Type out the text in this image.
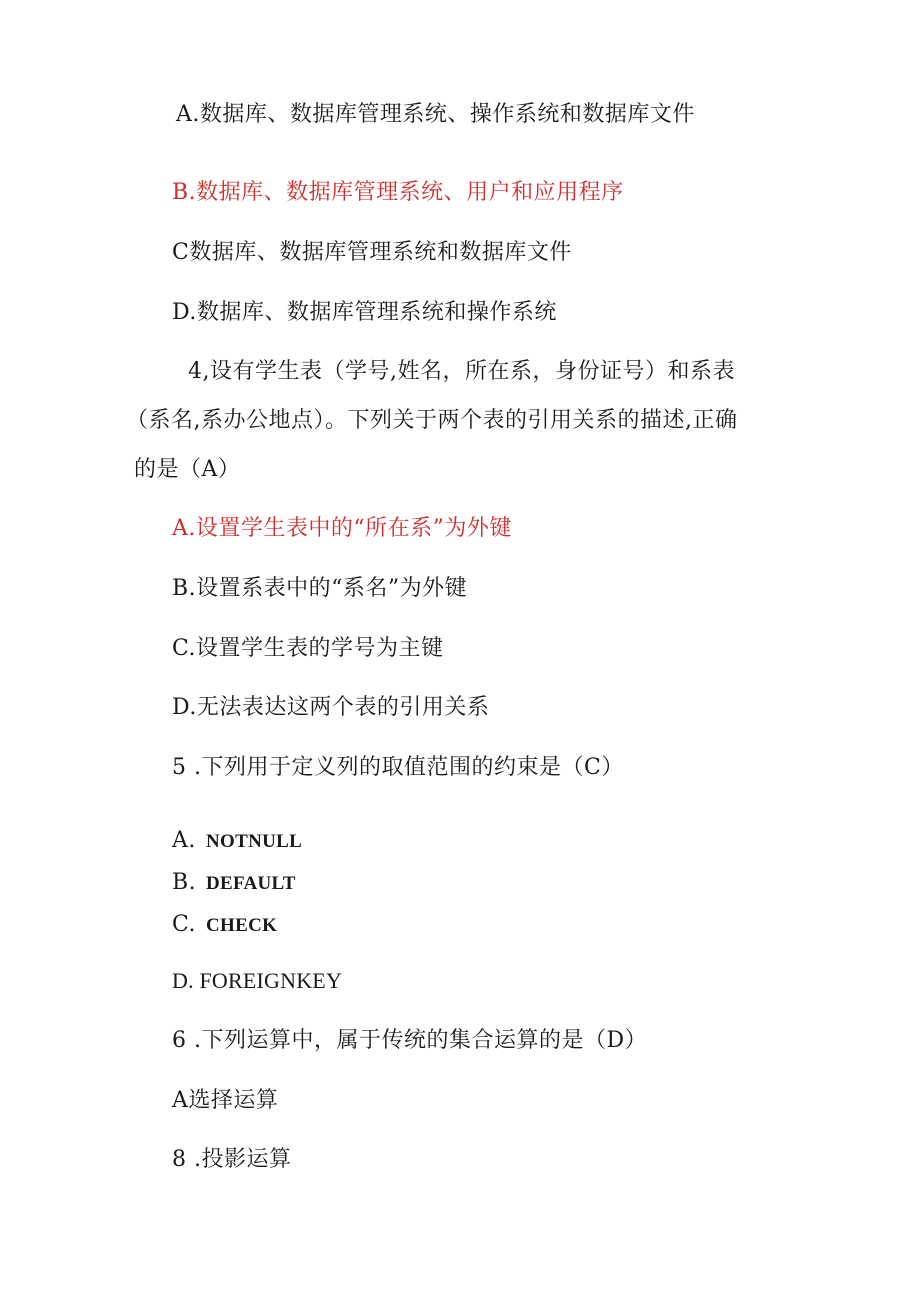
A.数据库、数据库管理系统、操作系统和数据库文件
B.数据库、数据库管理系统、用户和应用程序
C数据库、数据库管理系统和数据库文件
D.数据库、数据库管理系统和操作系统
4,设有学生表（学号,姓名，所在系，身份证号）和系表
（系名,系办公地点）。下列关于两个表的引用关系的描述,正确
的是（A）
A.设置学生表中的“所在系”为外键
B.设置系表中的“系名”为外键
C.设置学生表的学号为主键
D.无法表达这两个表的引用关系
5 .下列用于定义列的取值范围的约束是（C）
A. NOTNULL
B. DEFAULT
C. CHECK
D. FOREIGNKEY
6 .下列运算中，属于传统的集合运算的是（D）
A选择运算
8 .投影运算
